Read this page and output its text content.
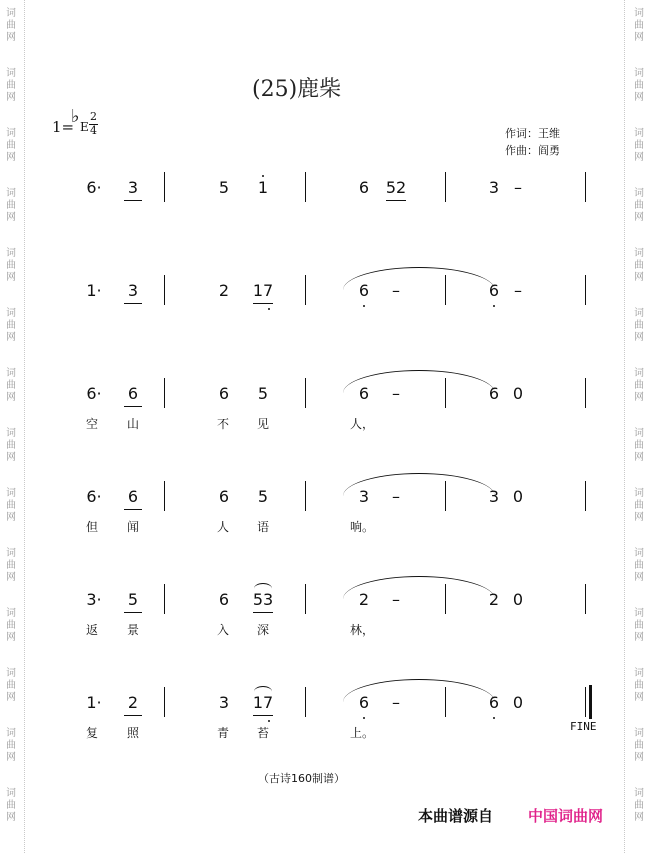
词
曲
网
词
曲
网
词
曲
网
词
曲
网
词
曲
网
词
曲
网
词
曲
网
词
曲
网
词
曲
网
词
曲
网
词
曲
网
词
曲
网
词
曲
网
词
曲
网
词
曲
网
词
曲
网
词
曲
网
词
曲
网
词
曲
网
词
曲
网
词
曲
网
词
曲
网
词
曲
网
词
曲
网
词
曲
网
词
曲
网
词
曲
网
词
曲
网
(25)鹿柴
1=
♭ E
2
4	作词：王维
作曲：阎勇
6·	3	5	1	6	52	3 –
1·	3	2	17	6	–	6 –
6·	6	6	5	6	–	6 0
空	山	不	见	人，
6·	6	6	5	3	–	3 0
但	闻	人	语	响。
3·	5	6	53	2	–	2 0
返	景	入	深	林，
1·	2	3	17	6	–	6 0
复	照	青	苔	上。	FINE
（古诗160制谱）
本曲谱源自 中国词曲网
